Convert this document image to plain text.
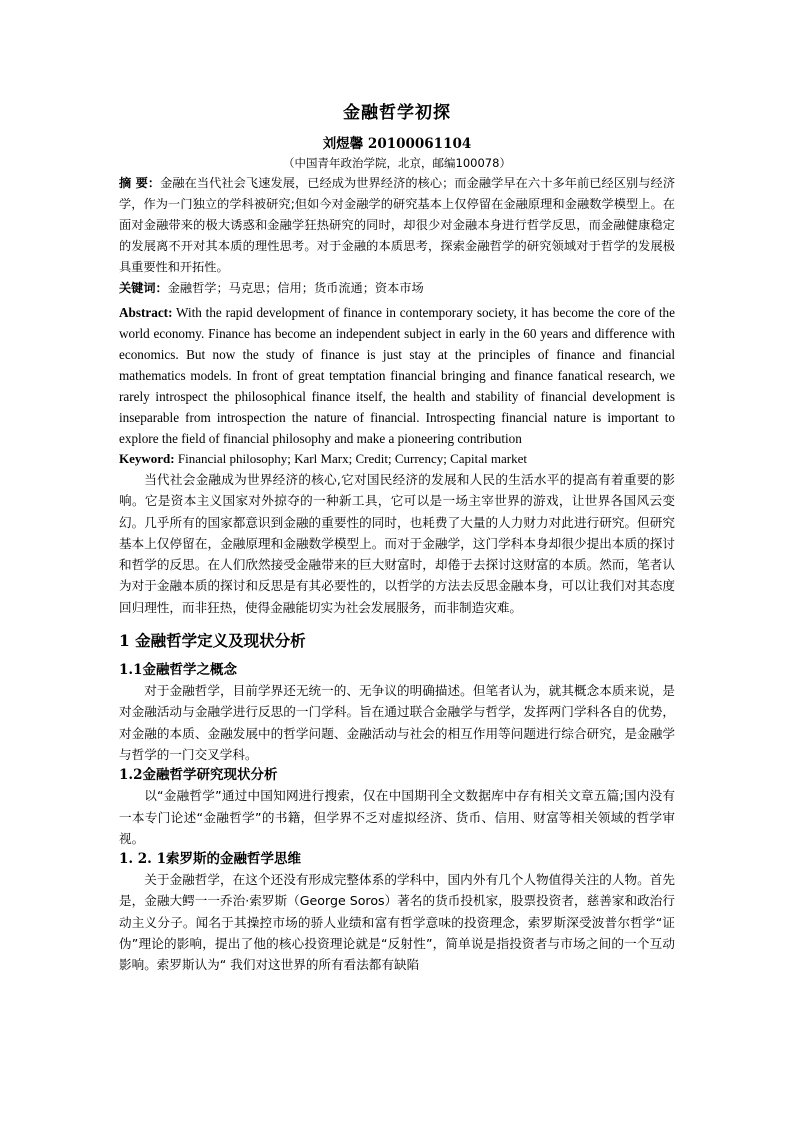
金融哲学初探
刘煜馨 20100061104
（中国青年政治学院，北京，邮编100078）

摘 要：金融在当代社会飞速发展，已经成为世界经济的核心；而金融学早在六十多年前已经区别与经济学，作为一门独立的学科被研究;但如今对金融学的研究基本上仅停留在金融原理和金融数学模型上。在面对金融带来的极大诱惑和金融学狂热研究的同时，却很少对金融本身进行哲学反思，而金融健康稳定的发展离不开对其本质的理性思考。对于金融的本质思考，探索金融哲学的研究领域对于哲学的发展极具重要性和开拓性。

关键词：金融哲学；马克思；信用；货币流通；资本市场

Abstract: With the rapid development of finance in contemporary society, it has become the core of the world economy. Finance has become an independent subject in early in the 60 years and difference with economics. But now the study of finance is just stay at the principles of finance and financial mathematics models. In front of great temptation financial bringing and finance fanatical research, we rarely introspect the philosophical finance itself, the health and stability of financial development is inseparable from introspection the nature of financial. Introspecting financial nature is important to explore the field of financial philosophy and make a pioneering contribution

Keyword: Financial philosophy; Karl Marx; Credit; Currency; Capital market

当代社会金融成为世界经济的核心,它对国民经济的发展和人民的生活水平的提高有着重要的影响。它是资本主义国家对外掠夺的一种新工具，它可以是一场主宰世界的游戏，让世界各国风云变幻。几乎所有的国家都意识到金融的重要性的同时，也耗费了大量的人力财力对此进行研究。但研究基本上仅停留在，金融原理和金融数学模型上。而对于金融学，这门学科本身却很少提出本质的探讨和哲学的反思。在人们欣然接受金融带来的巨大财富时，却倦于去探讨这财富的本质。然而，笔者认为对于金融本质的探讨和反思是有其必要性的，以哲学的方法去反思金融本身，可以让我们对其态度回归理性，而非狂热，使得金融能切实为社会发展服务，而非制造灾难。

1 金融哲学定义及现状分析
1.1金融哲学之概念

对于金融哲学，目前学界还无统一的、无争议的明确描述。但笔者认为，就其概念本质来说，是对金融活动与金融学进行反思的一门学科。旨在通过联合金融学与哲学，发挥两门学科各自的优势，对金融的本质、金融发展中的哲学问题、金融活动与社会的相互作用等问题进行综合研究，是金融学与哲学的一门交叉学科。

1.2金融哲学研究现状分析

以“金融哲学”通过中国知网进行搜索，仅在中国期刊全文数据库中存有相关文章五篇;国内没有一本专门论述“金融哲学”的书籍，但学界不乏对虚拟经济、货币、信用、财富等相关领域的哲学审视。

1. 2. 1索罗斯的金融哲学思维

关于金融哲学，在这个还没有形成完整体系的学科中，国内外有几个人物值得关注的人物。首先是，金融大鳄一一乔治·索罗斯（George Soros）著名的货币投机家，股票投资者，慈善家和政治行动主义分子。闻名于其操控市场的骄人业绩和富有哲学意味的投资理念，索罗斯深受波普尔哲学“证伪”理论的影响，提出了他的核心投资理论就是“反射性”，简单说是指投资者与市场之间的一个互动影响。索罗斯认为“ 我们对这世界的所有看法都有缺陷
